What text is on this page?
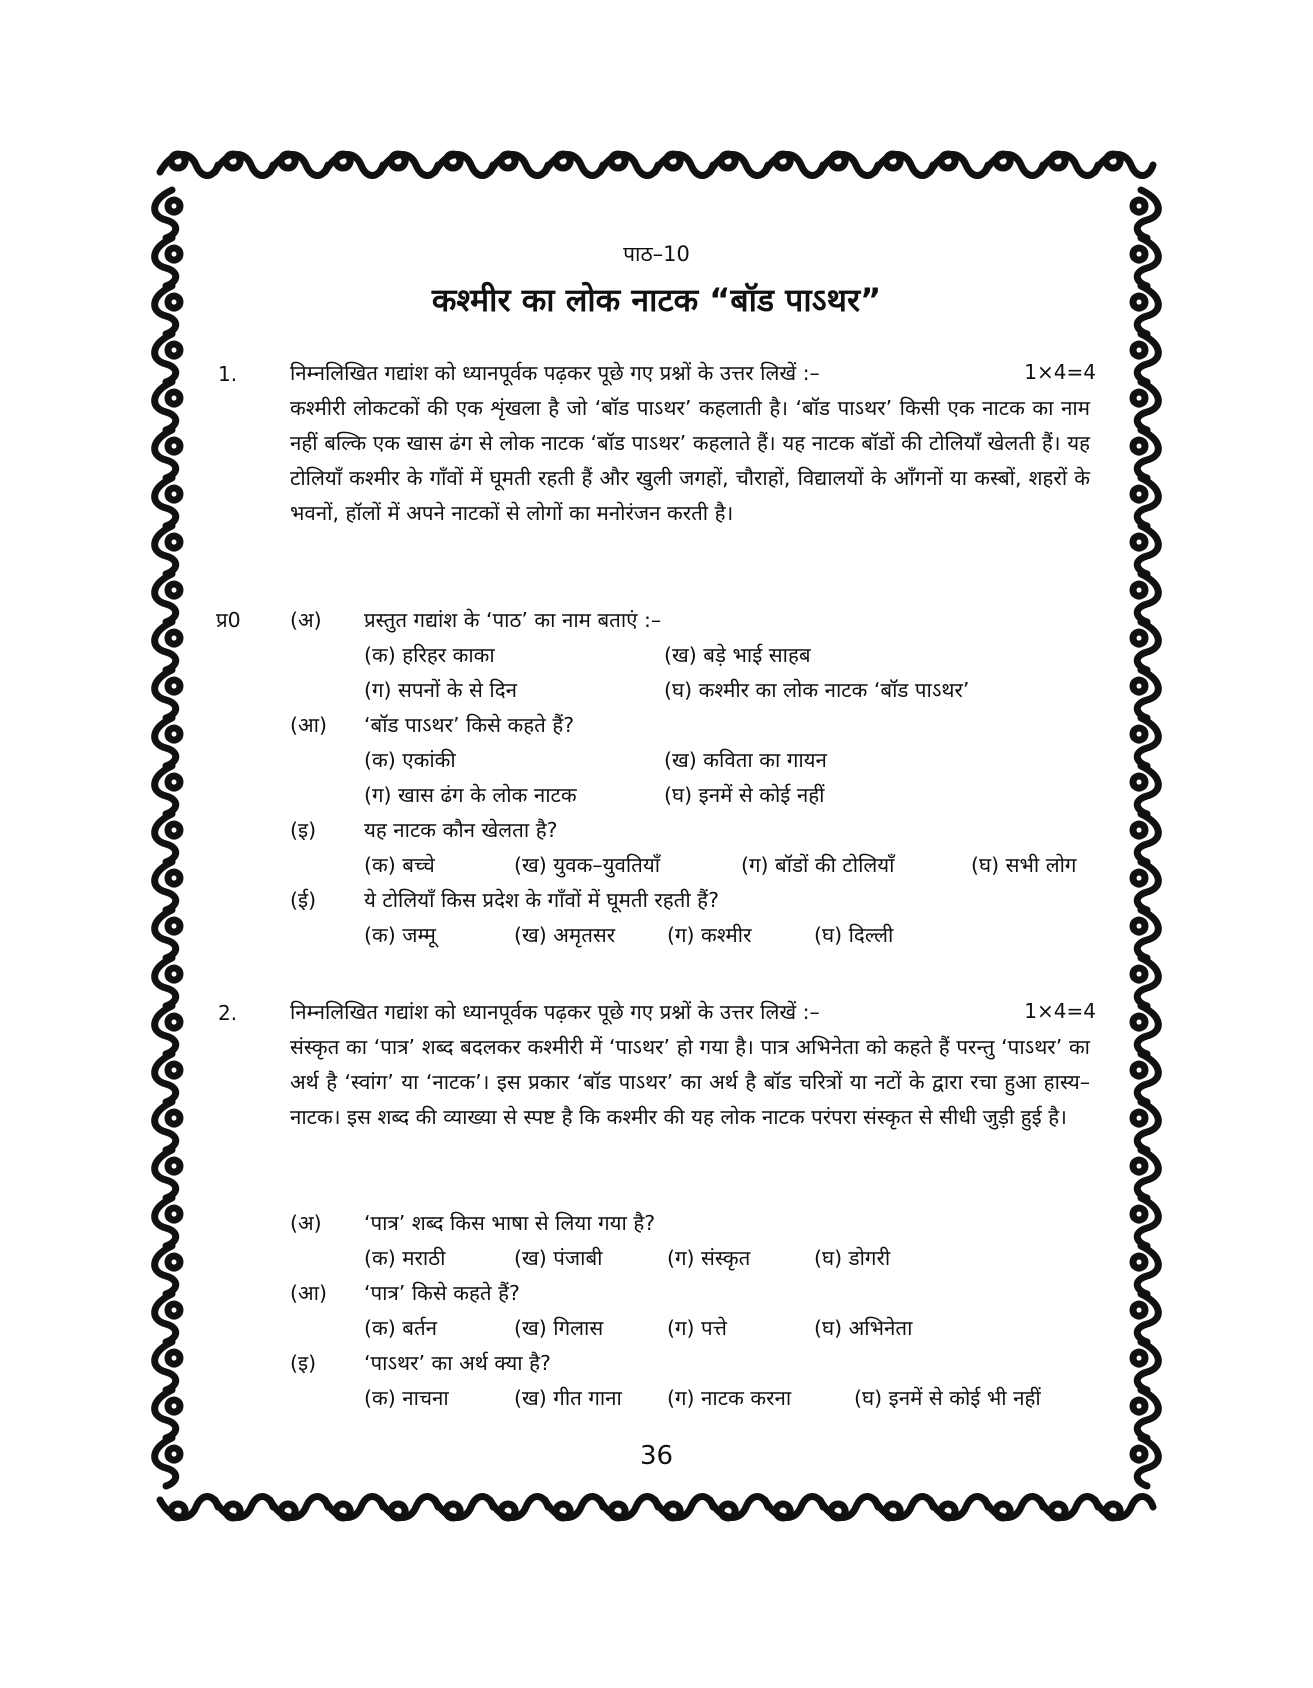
पाठ–10
कश्मीर का लोक नाटक “बॉड पाऽथर”
1.	निम्नलिखित गद्यांश को ध्यानपूर्वक पढ़कर पूछे गए प्रश्नों के उत्तर लिखें :–	1×4=4
कश्मीरी लोकटकों की एक शृंखला है जो ‘बॉड पाऽथर’ कहलाती है। ‘बॉड पाऽथर’ किसी एक नाटक का नाम नहीं बल्कि एक खास ढंग से लोक नाटक ‘बॉड पाऽथर’ कहलाते हैं। यह नाटक बॉडों की टोलियाँ खेलती हैं। यह टोलियाँ कश्मीर के गाँवों में घूमती रहती हैं और खुली जगहों, चौराहों, विद्यालयों के आँगनों या कस्बों, शहरों के भवनों, हॉलों में अपने नाटकों से लोगों का मनोरंजन करती है।
प्र0 (अ) प्रस्तुत गद्यांश के ‘पाठ’ का नाम बताएं :–
(क) हरिहर काका	(ख) बड़े भाई साहब
(ग) सपनों के से दिन	(घ) कश्मीर का लोक नाटक ‘बॉड पाऽथर’
(आ) ‘बॉड पाऽथर’ किसे कहते हैं?
(क) एकांकी	(ख) कविता का गायन
(ग) खास ढंग के लोक नाटक	(घ) इनमें से कोई नहीं
(इ) यह नाटक कौन खेलता है?
(क) बच्चे	(ख) युवक–युवतियाँ	(ग) बॉडों की टोलियाँ	(घ) सभी लोग
(ई) ये टोलियाँ किस प्रदेश के गाँवों में घूमती रहती हैं?
(क) जम्मू	(ख) अमृतसर	(ग) कश्मीर	(घ) दिल्ली
2.	निम्नलिखित गद्यांश को ध्यानपूर्वक पढ़कर पूछे गए प्रश्नों के उत्तर लिखें :–	1×4=4
संस्कृत का ‘पात्र’ शब्द बदलकर कश्मीरी में ‘पाऽथर’ हो गया है। पात्र अभिनेता को कहते हैं परन्तु ‘पाऽथर’ का अर्थ है ‘स्वांग’ या ‘नाटक’। इस प्रकार ‘बॉड पाऽथर’ का अर्थ है बॉड चरित्रों या नटों के द्वारा रचा हुआ हास्य–नाटक। इस शब्द की व्याख्या से स्पष्ट है कि कश्मीर की यह लोक नाटक परंपरा संस्कृत से सीधी जुड़ी हुई है।
(अ) ‘पात्र’ शब्द किस भाषा से लिया गया है?
(क) मराठी	(ख) पंजाबी	(ग) संस्कृत	(घ) डोगरी
(आ) ‘पात्र’ किसे कहते हैं?
(क) बर्तन	(ख) गिलास	(ग) पत्ते	(घ) अभिनेता
(इ) ‘पाऽथर’ का अर्थ क्या है?
(क) नाचना	(ख) गीत गाना (ग) नाटक करना	(घ) इनमें से कोई भी नहीं
36
